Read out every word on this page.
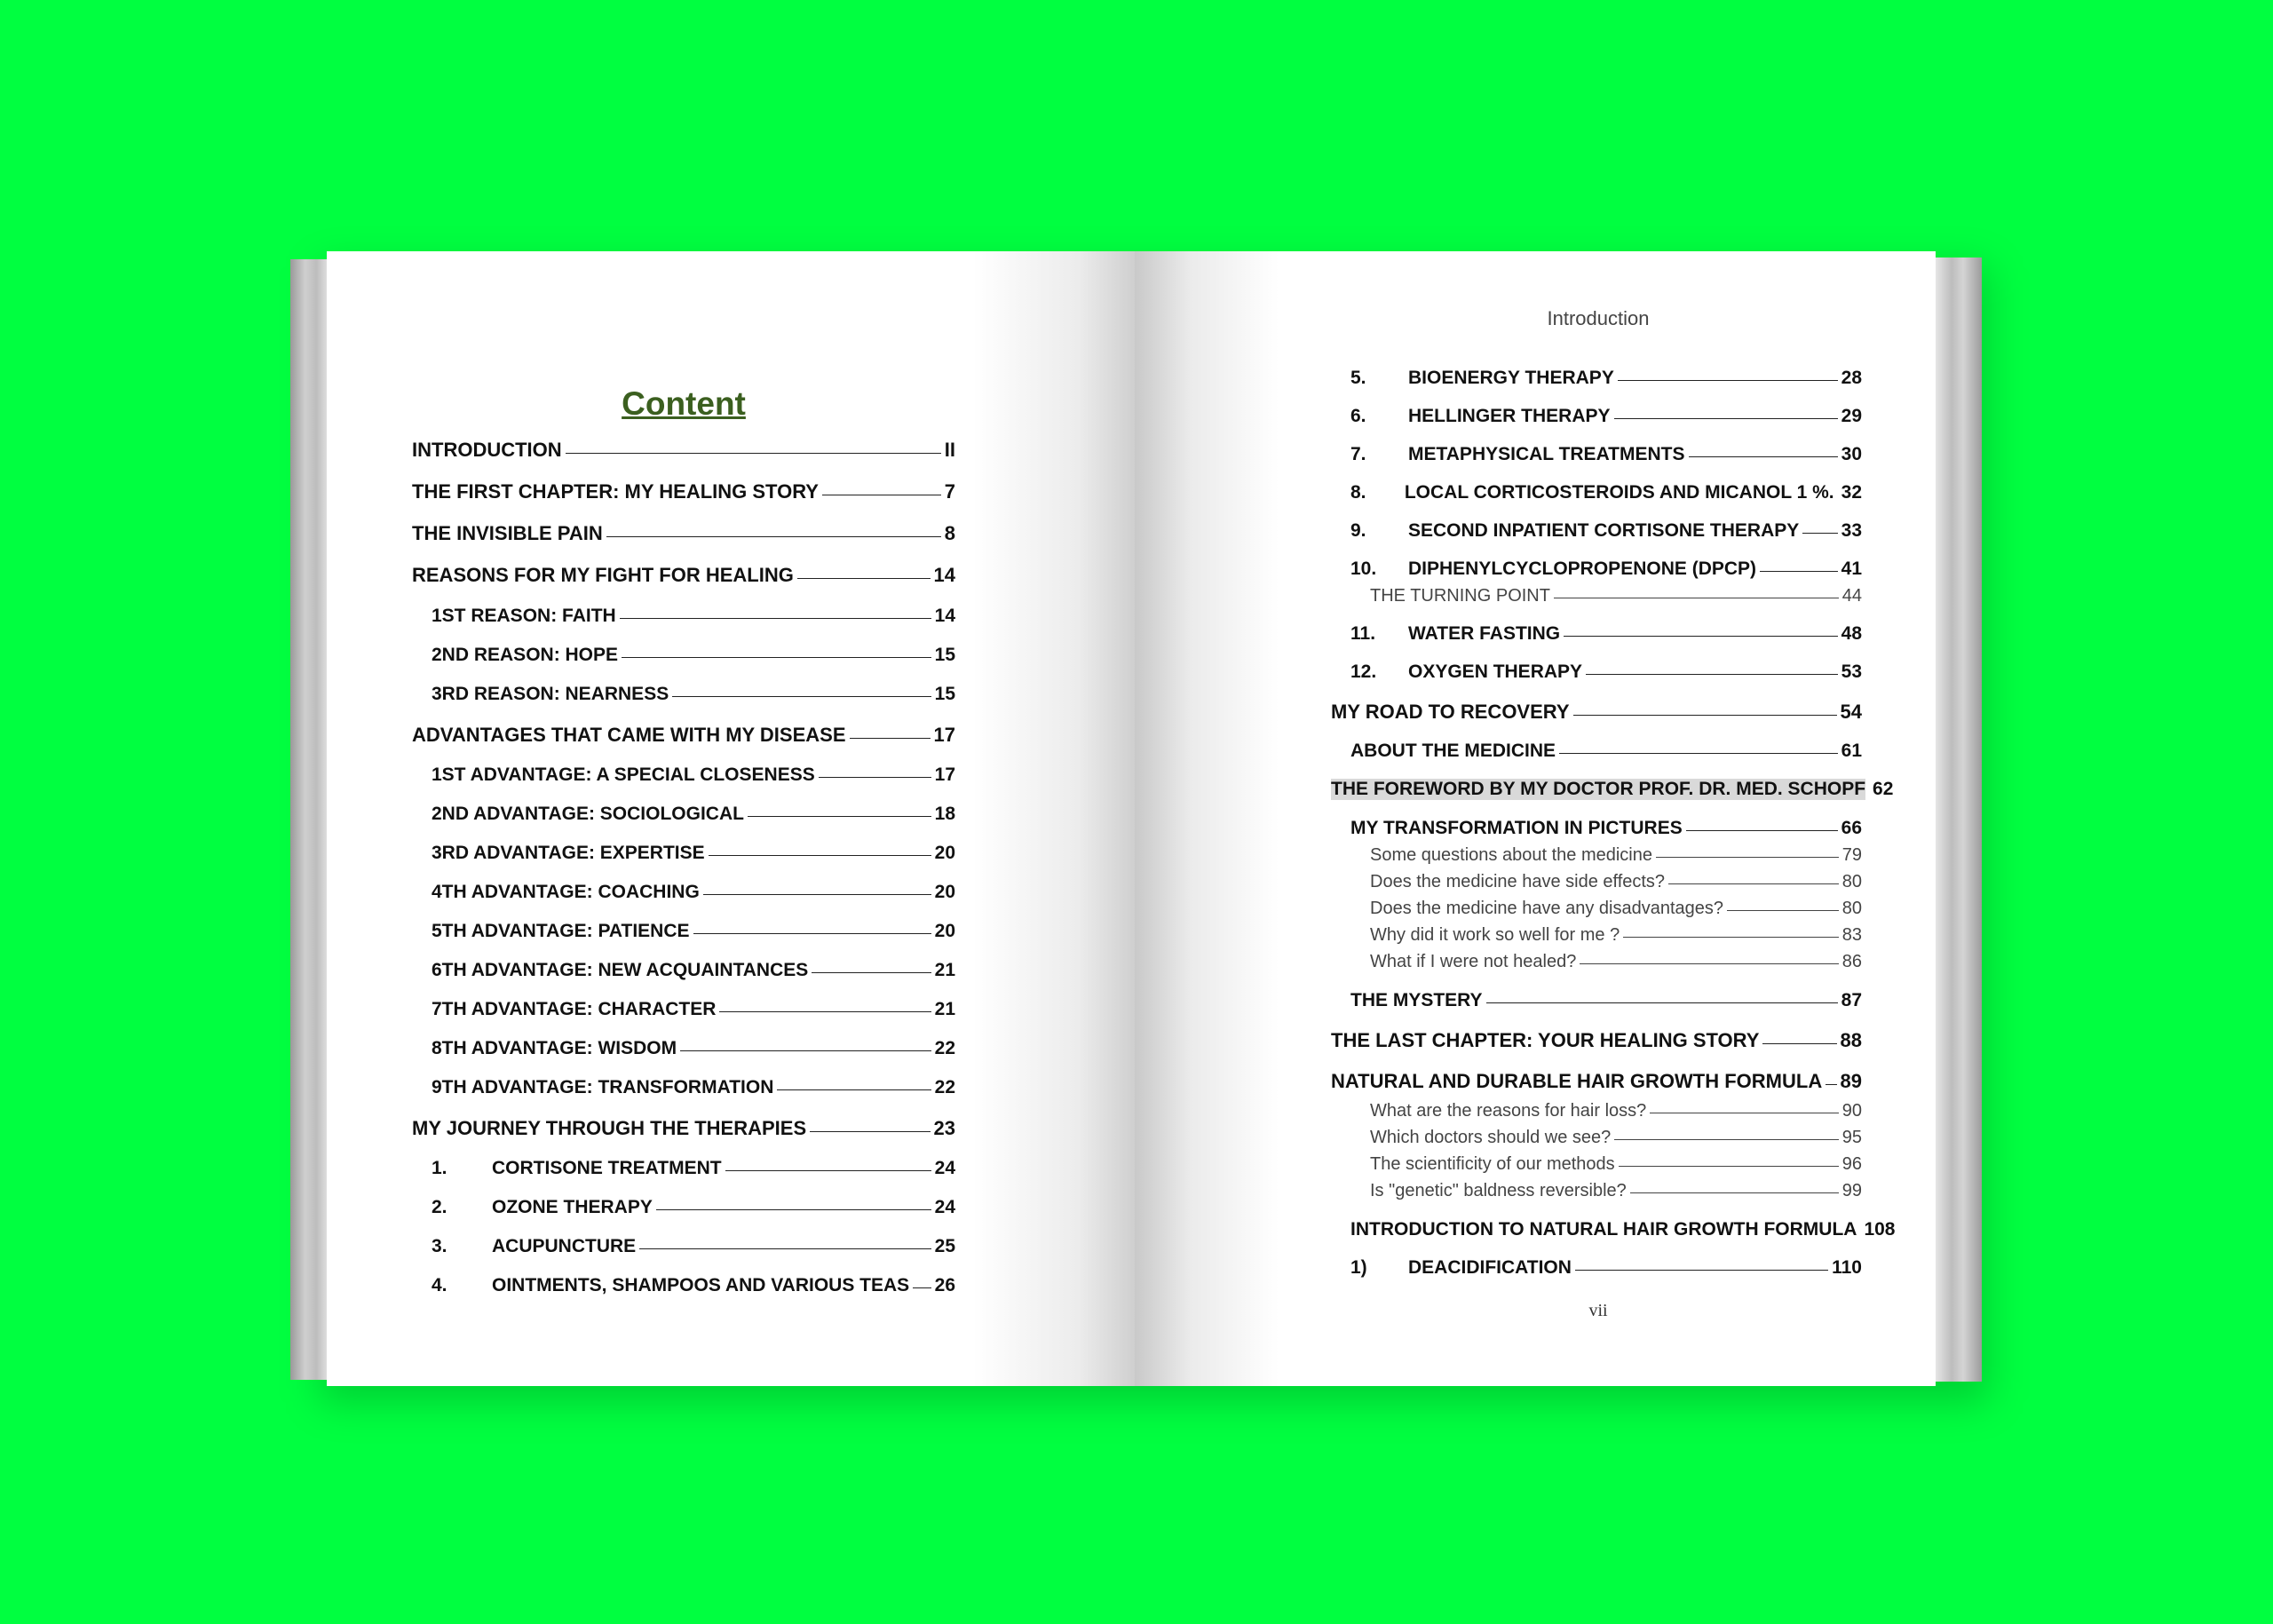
Content
Introduction
vii
INTRODUCTION	II
THE FIRST CHAPTER: MY HEALING STORY	7
THE INVISIBLE PAIN	8
REASONS FOR MY FIGHT FOR HEALING	14
1ST REASON: FAITH	14
2ND REASON: HOPE	15
3RD REASON: NEARNESS	15
ADVANTAGES THAT CAME WITH MY DISEASE	17
1ST ADVANTAGE: A SPECIAL CLOSENESS	17
2ND ADVANTAGE: SOCIOLOGICAL	18
3RD ADVANTAGE: EXPERTISE	20
4TH ADVANTAGE: COACHING	20
5TH ADVANTAGE: PATIENCE	20
6TH ADVANTAGE: NEW ACQUAINTANCES	21
7TH ADVANTAGE: CHARACTER	21
8TH ADVANTAGE: WISDOM	22
9TH ADVANTAGE: TRANSFORMATION	22
MY JOURNEY THROUGH THE THERAPIES	23
1.	CORTISONE TREATMENT	24
2.	OZONE THERAPY	24
3.	ACUPUNCTURE	25
4.	OINTMENTS, SHAMPOOS AND VARIOUS TEAS 26
5.	BIOENERGY THERAPY	28
6.	HELLINGER THERAPY	29
7.	METAPHYSICAL TREATMENTS	30
8.	LOCAL CORTICOSTEROIDS AND MICANOL 1 %. 32
9.	SECOND INPATIENT CORTISONE THERAPY 33
10.	DIPHENYLCYCLOPROPENONE (DPCP)	41
THE TURNING POINT	44
11.	WATER FASTING	48
12.	OXYGEN THERAPY	53
MY ROAD TO RECOVERY	54
ABOUT THE MEDICINE	61
THE FOREWORD BY MY DOCTOR PROF. DR. MED. SCHOPF 62
MY TRANSFORMATION IN PICTURES	66
Some questions about the medicine	79
Does the medicine have side effects?	80
Does the medicine have any disadvantages?	80
Why did it work so well for me ?	83
What if I were not healed?	86
THE MYSTERY	87
THE LAST CHAPTER: YOUR HEALING STORY	88
NATURAL AND DURABLE HAIR GROWTH FORMULA 89
What are the reasons for hair loss?	90
Which doctors should we see?	95
The scientificity of our methods	96
Is "genetic" baldness reversible?	99
INTRODUCTION TO NATURAL HAIR GROWTH FORMULA 108
1)	DEACIDIFICATION	110
